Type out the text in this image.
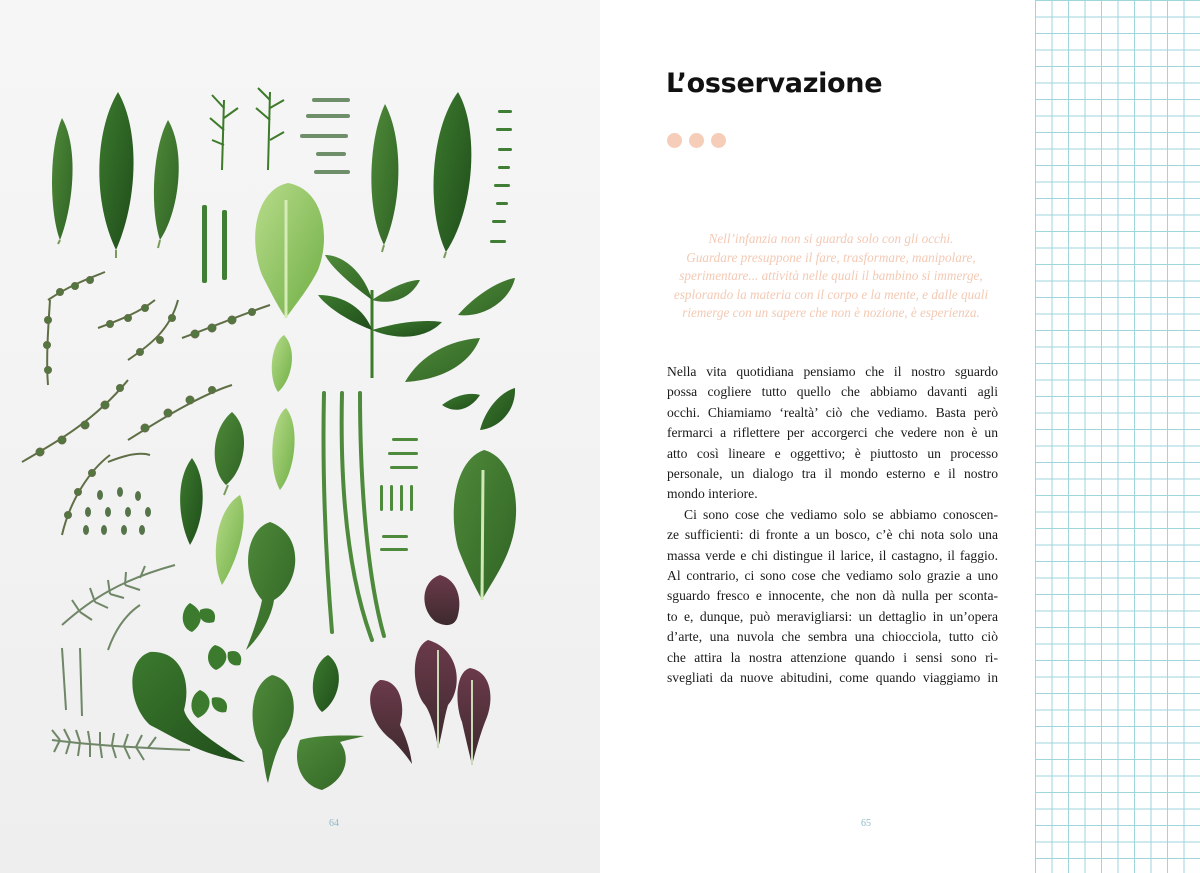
64
L’osservazione

Nell’infanzia non si guarda solo con gli occhi.
Guardare presuppone il fare, trasformare, manipolare,
sperimentare... attività nelle quali il bambino si immerge,
esplorando la materia con il corpo e la mente, e dalle quali
riemerge con un sapere che non è nozione, è esperienza.

Nella vita quotidiana pensiamo che il nostro sguardo
possa cogliere tutto quello che abbiamo davanti agli
occhi. Chiamiamo ‘realtà’ ciò che vediamo. Basta però
fermarci a riflettere per accorgerci che vedere non è un
atto così lineare e oggettivo; è piuttosto un processo
personale, un dialogo tra il mondo esterno e il nostro
mondo interiore.
Ci sono cose che vediamo solo se abbiamo conoscen-
ze sufficienti: di fronte a un bosco, c’è chi nota solo una
massa verde e chi distingue il larice, il castagno, il faggio.
Al contrario, ci sono cose che vediamo solo grazie a uno
sguardo fresco e innocente, che non dà nulla per sconta-
to e, dunque, può meravigliarsi: un dettaglio in un’opera
d’arte, una nuvola che sembra una chiocciola, tutto ciò
che attira la nostra attenzione quando i sensi sono ri-
svegliati da nuove abitudini, come quando viaggiamo in
65
